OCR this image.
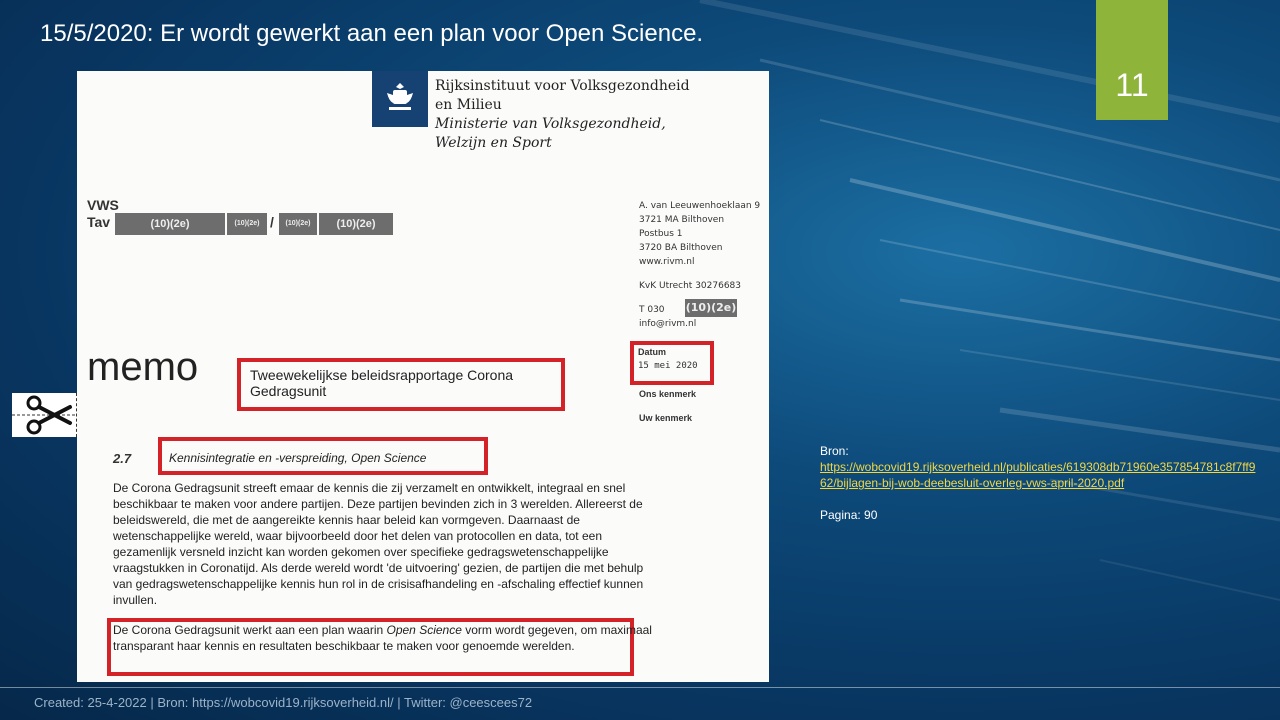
15/5/2020: Er wordt gewerkt aan een plan voor Open Science.
11
Rijksinstituut voor Volksgezondheid
en Milieu
Ministerie van Volksgezondheid,
Welzijn en Sport
VWS
Tav	(10)(2e)	(10)(2e) /	(10)(2e)	(10)(2e)
A. van Leeuwenhoeklaan 9
3721 MA Bilthoven
Postbus 1
3720 BA Bilthoven
www.rivm.nl
KvK Utrecht 30276683
T 030 (10)(2e)
info@rivm.nl
memo	Tweewekelijkse beleidsrapportage Corona
Gedragsunit
Datum
15 mei 2020
Ons kenmerk
Uw kenmerk
2.7	Kennisintegratie en -verspreiding, Open Science
De Corona Gedragsunit streeft emaar de kennis die zij verzamelt en ontwikkelt, integraal en snel beschikbaar te maken voor andere partijen. Deze partijen bevinden zich in 3 werelden. Allereerst de beleidswereld, die met de aangereikte kennis haar beleid kan vormgeven. Daarnaast de wetenschappelijke wereld, waar bijvoorbeeld door het delen van protocollen en data, tot een gezamenlijk versneld inzicht kan worden gekomen over specifieke gedragswetenschappelijke vraagstukken in Coronatijd. Als derde wereld wordt 'de uitvoering' gezien, de partijen die met behulp van gedragswetenschappelijke kennis hun rol in de crisisafhandeling en -afschaling effectief kunnen invullen.
De Corona Gedragsunit werkt aan een plan waarin Open Science vorm wordt gegeven, om maximaal transparant haar kennis en resultaten beschikbaar te maken voor genoemde werelden.
Bron:
https://wobcovid19.rijksoverheid.nl/publicaties/619308db71960e357854781c8f7ff962/bijlagen-bij-wob-deebesluit-overleg-vws-april-2020.pdf
Pagina: 90
Created: 25-4-2022 | Bron: https://wobcovid19.rijksoverheid.nl/ | Twitter: @ceescees72
